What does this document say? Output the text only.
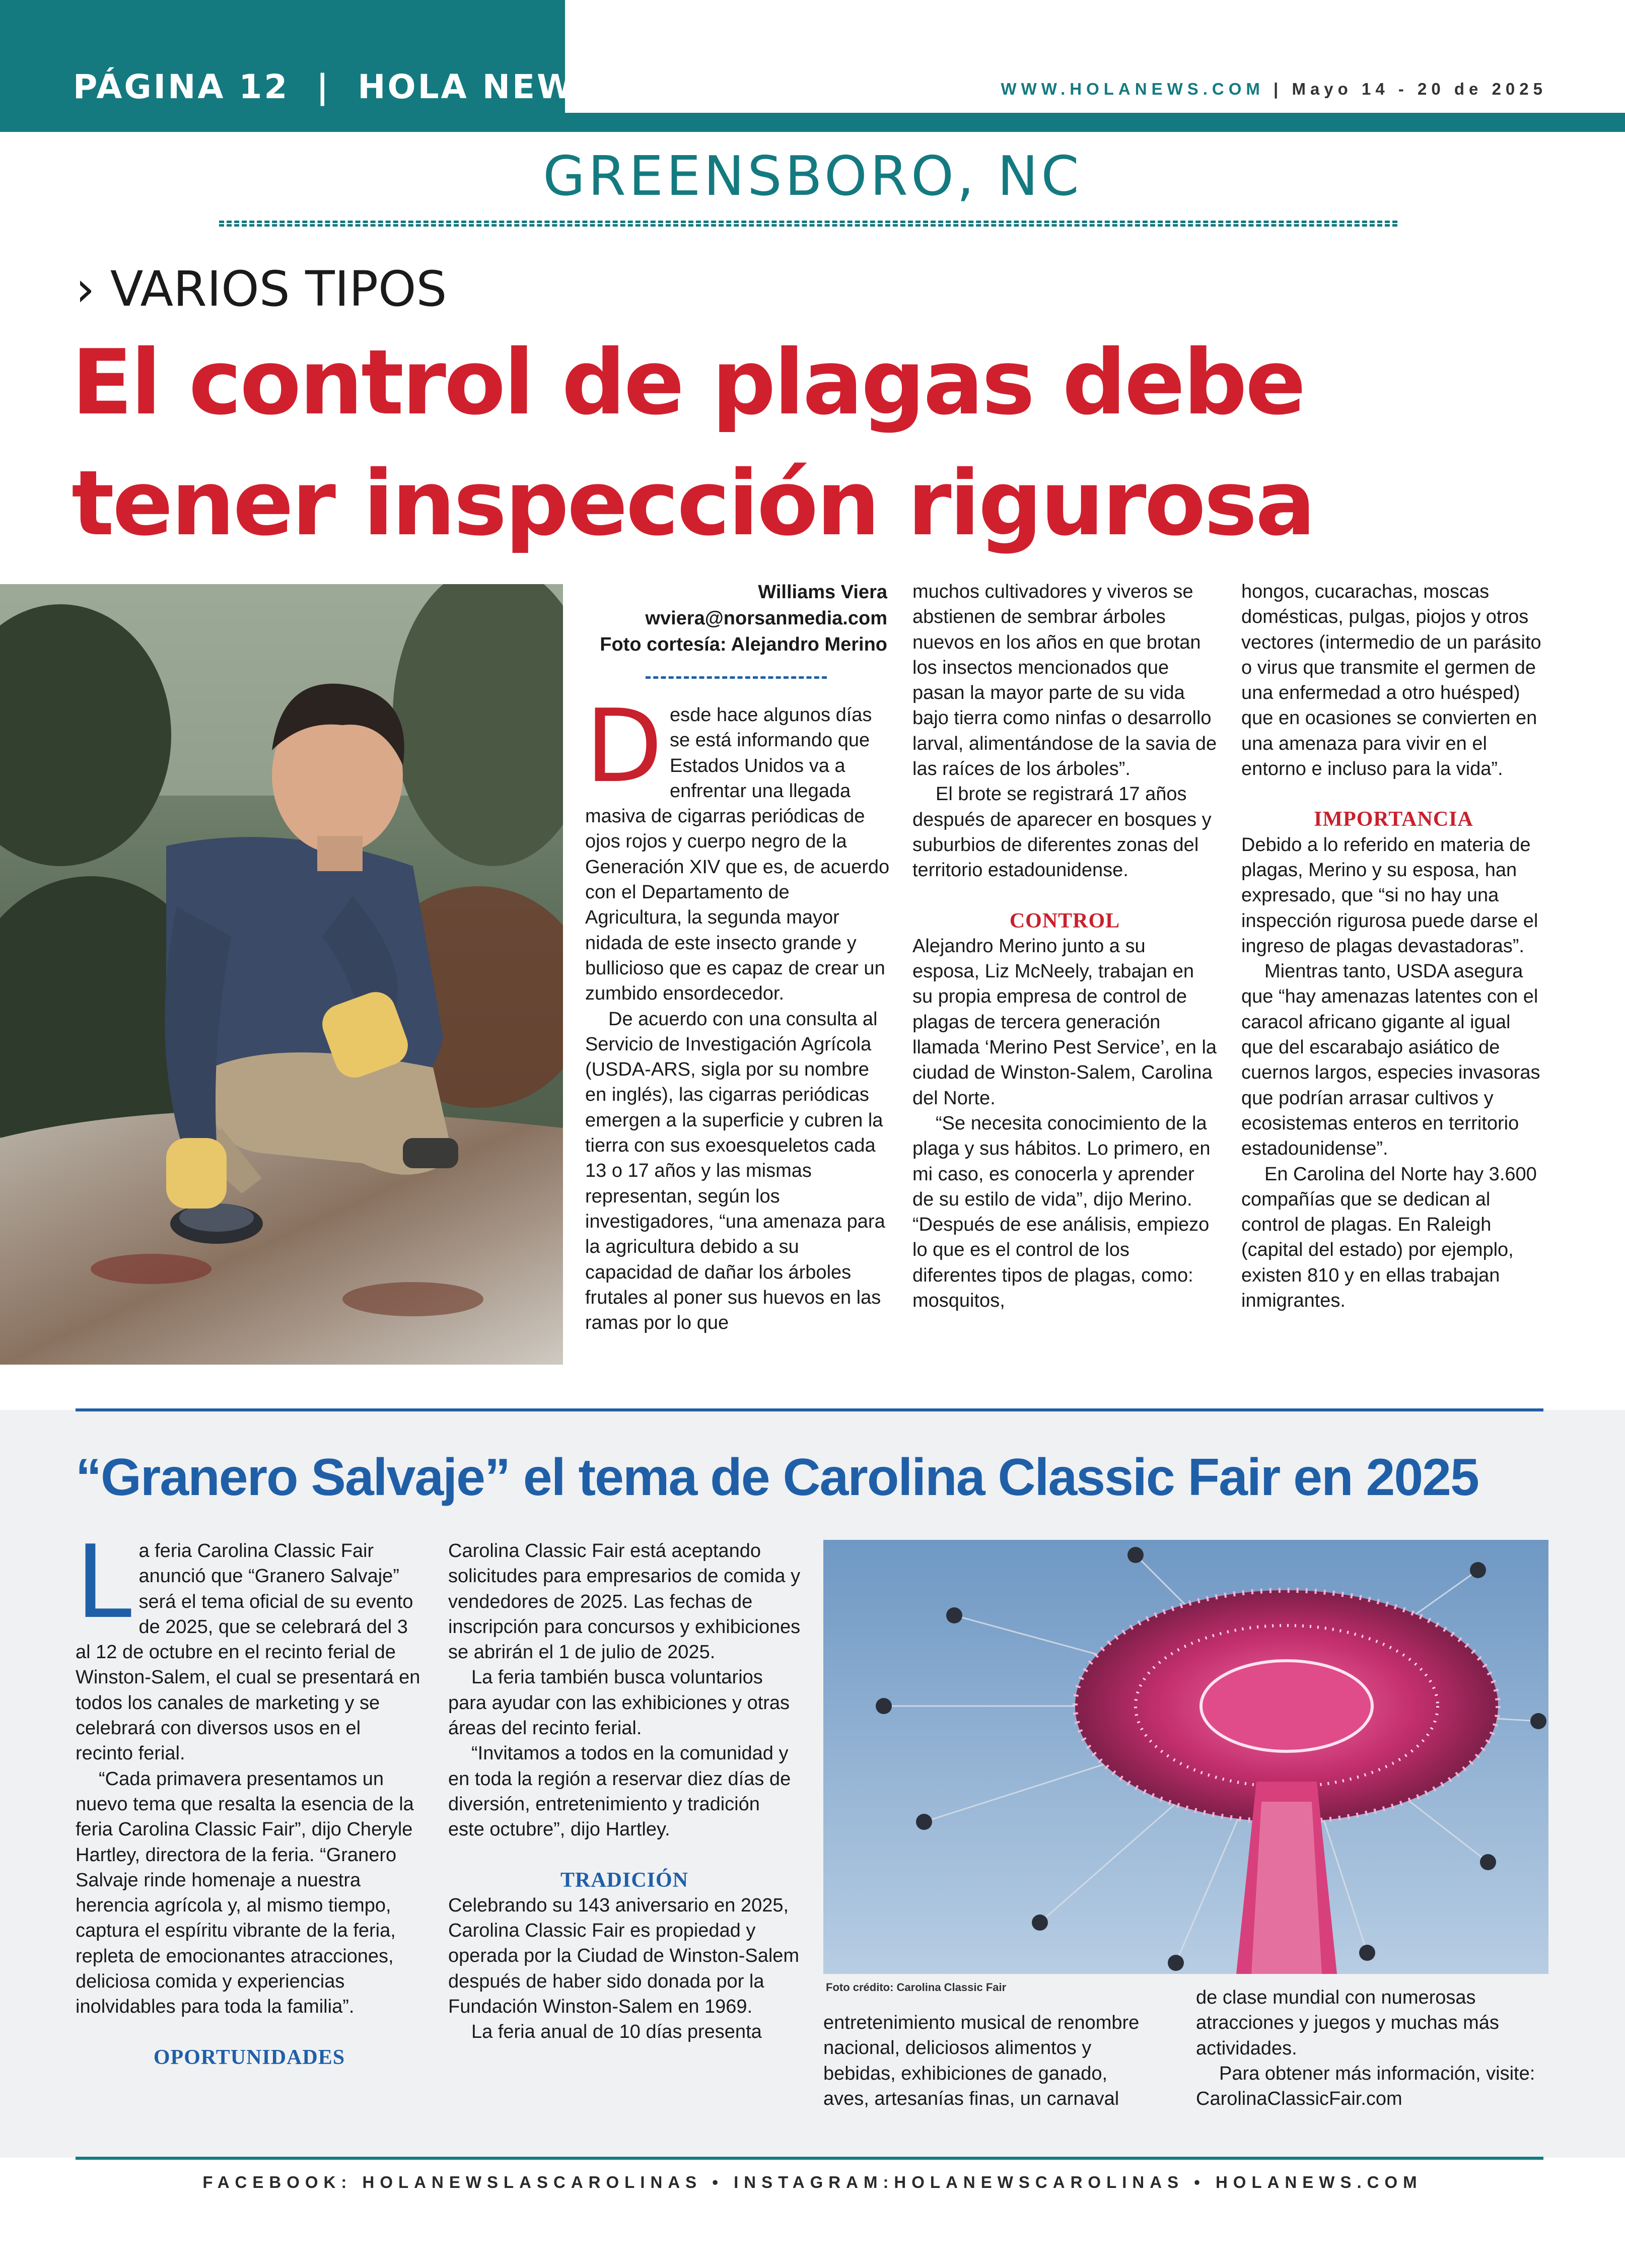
PÁGINA 12  |  HOLA NEWS	WWW.HOLANEWS.COM | Mayo 14 - 20 de 2025
GREENSBORO, NC
› VARIOS TIPOS
El control de plagas debe
tener inspección rigurosa
Williams Viera
wviera@norsanmedia.com
Foto cortesía: Alejandro Merino
D esde hace algunos días se está informando que Estados Unidos va a enfrentar una llegada masiva de cigarras periódicas de ojos rojos y cuerpo negro de la Generación XIV que es, de acuerdo con el Departamento de Agricultura, la segunda mayor nidada de este insecto grande y bullicioso que es capaz de crear un zumbido ensordecedor.

De acuerdo con una consulta al Servicio de Investigación Agrícola (USDA-ARS, sigla por su nombre en inglés), las cigarras periódicas emergen a la superficie y cubren la tierra con sus exoesqueletos cada 13 o 17 años y las mismas representan, según los investigadores, “una amenaza para la agricultura debido a su capacidad de dañar los árboles frutales al poner sus huevos en las ramas por lo que

muchos cultivadores y viveros se abstienen de sembrar árboles nuevos en los años en que brotan los insectos mencionados que pasan la mayor parte de su vida bajo tierra como ninfas o desarrollo larval, alimentándose de la savia de las raíces de los árboles”.

El brote se registrará 17 años después de aparecer en bosques y suburbios de diferentes zonas del territorio estadounidense.

CONTROL

Alejandro Merino junto a su esposa, Liz McNeely, trabajan en su propia empresa de control de plagas de tercera generación llamada ‘Merino Pest Service’, en la ciudad de Winston-Salem, Carolina del Norte.

“Se necesita conocimiento de la plaga y sus hábitos. Lo primero, en mi caso, es conocerla y aprender de su estilo de vida”, dijo Merino. “Después de ese análisis, empiezo lo que es el control de los diferentes tipos de plagas, como: mosquitos,

hongos, cucarachas, moscas domésticas, pulgas, piojos y otros vectores (intermedio de un parásito o virus que transmite el germen de una enfermedad a otro huésped) que en ocasiones se convierten en una amenaza para vivir en el entorno e incluso para la vida”.

IMPORTANCIA

Debido a lo referido en materia de plagas, Merino y su esposa, han expresado, que “si no hay una inspección rigurosa puede darse el ingreso de plagas devastadoras”.

Mientras tanto, USDA asegura que “hay amenazas latentes con el caracol africano gigante al igual que del escarabajo asiático de cuernos largos, especies invasoras que podrían arrasar cultivos y ecosistemas enteros en territorio estadounidense”.

En Carolina del Norte hay 3.600 compañías que se dedican al control de plagas. En Raleigh (capital del estado) por ejemplo, existen 810 y en ellas trabajan inmigrantes.

“Granero Salvaje” el tema de Carolina Classic Fair en 2025
L a feria Carolina Classic Fair anunció que “Granero Salvaje” será el tema oficial de su evento de 2025, que se celebrará del 3 al 12 de octubre en el recinto ferial de Winston-Salem, el cual se presentará en todos los canales de marketing y se celebrará con diversos usos en el recinto ferial.

“Cada primavera presentamos un nuevo tema que resalta la esencia de la feria Carolina Classic Fair”, dijo Cheryle Hartley, directora de la feria. “Granero Salvaje rinde homenaje a nuestra herencia agrícola y, al mismo tiempo, captura el espíritu vibrante de la feria, repleta de emocionantes atracciones, deliciosa comida y experiencias inolvidables para toda la familia”.

OPORTUNIDADES

Carolina Classic Fair está aceptando solicitudes para empresarios de comida y vendedores de 2025. Las fechas de inscripción para concursos y exhibiciones se abrirán el 1 de julio de 2025.

La feria también busca voluntarios para ayudar con las exhibiciones y otras áreas del recinto ferial.

“Invitamos a todos en la comunidad y en toda la región a reservar diez días de diversión, entretenimiento y tradición este octubre”, dijo Hartley.

TRADICIÓN

Celebrando su 143 aniversario en 2025, Carolina Classic Fair es propiedad y operada por la Ciudad de Winston-Salem después de haber sido donada por la Fundación Winston-Salem en 1969.

La feria anual de 10 días presenta

Foto crédito: Carolina Classic Fair

entretenimiento musical de renombre nacional, deliciosos alimentos y bebidas, exhibiciones de ganado, aves, artesanías finas, un carnaval

de clase mundial con numerosas atracciones y juegos y muchas más actividades.

Para obtener más información, visite: CarolinaClassicFair.com

FACEBOOK: HOLANEWSLASCAROLINAS • INSTAGRAM:HOLANEWSCAROLINAS • HOLANEWS.COM
